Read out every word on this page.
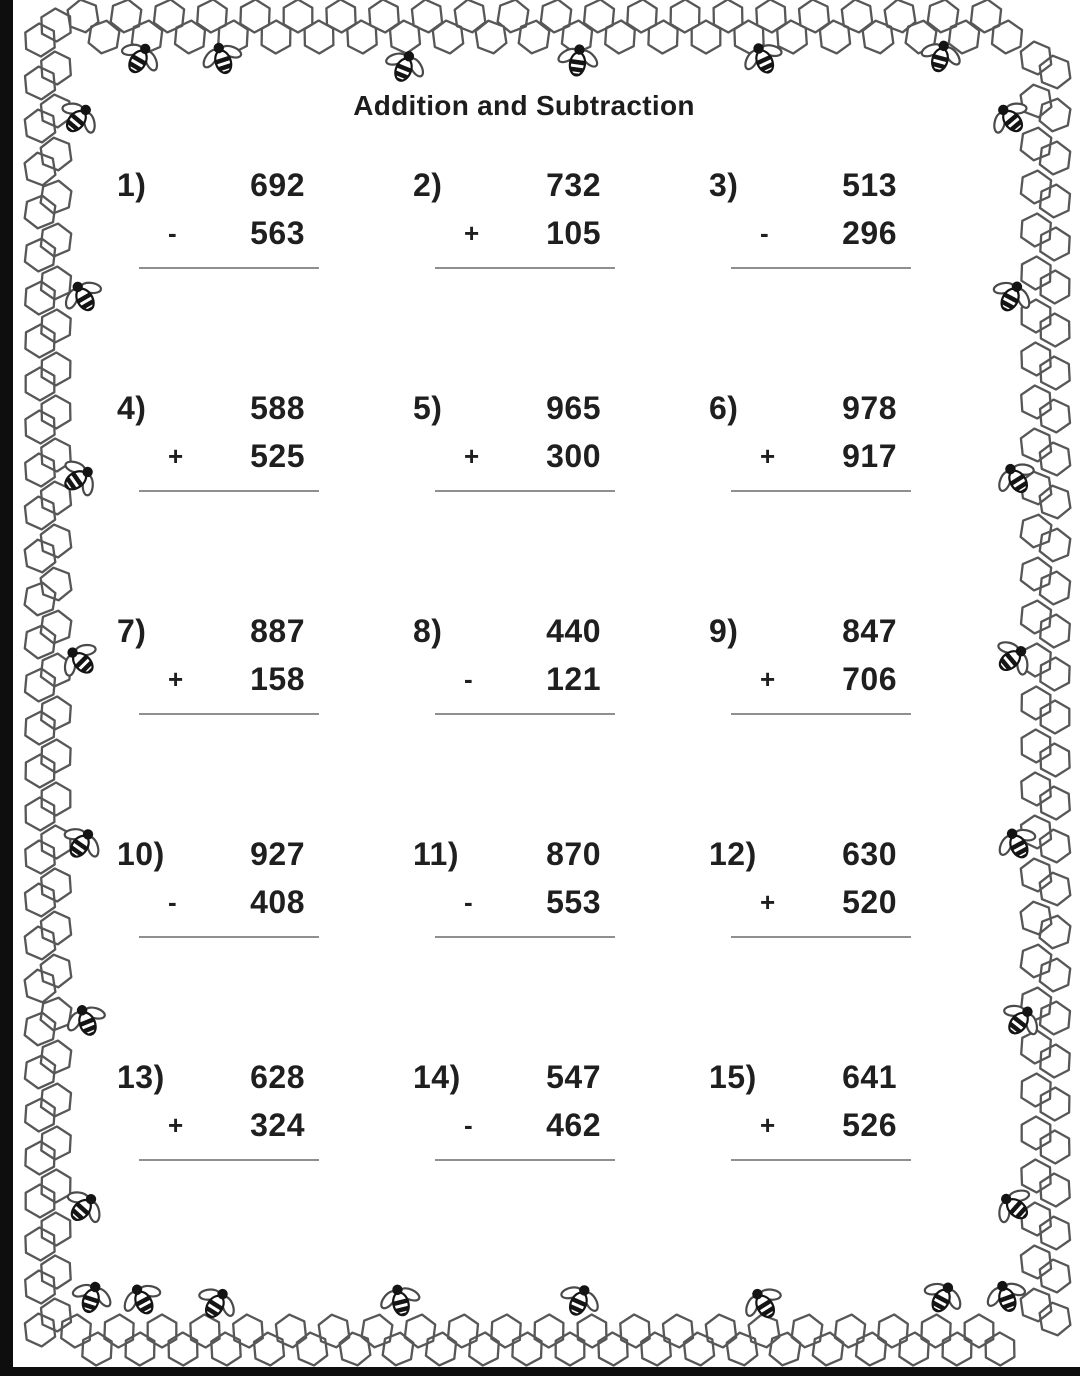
Addition and Subtraction
1)	692
- 563
2)	732
+ 105
3)	513
- 296
4)	588
+ 525
5)	965
+ 300
6)	978
+ 917
7)	887
+ 158
8)	440
- 121
9)	847
+ 706
10)	927
- 408
11)	870
- 553
12)	630
+ 520
13)	628
+ 324
14)	547
- 462
15)	641
+ 526
